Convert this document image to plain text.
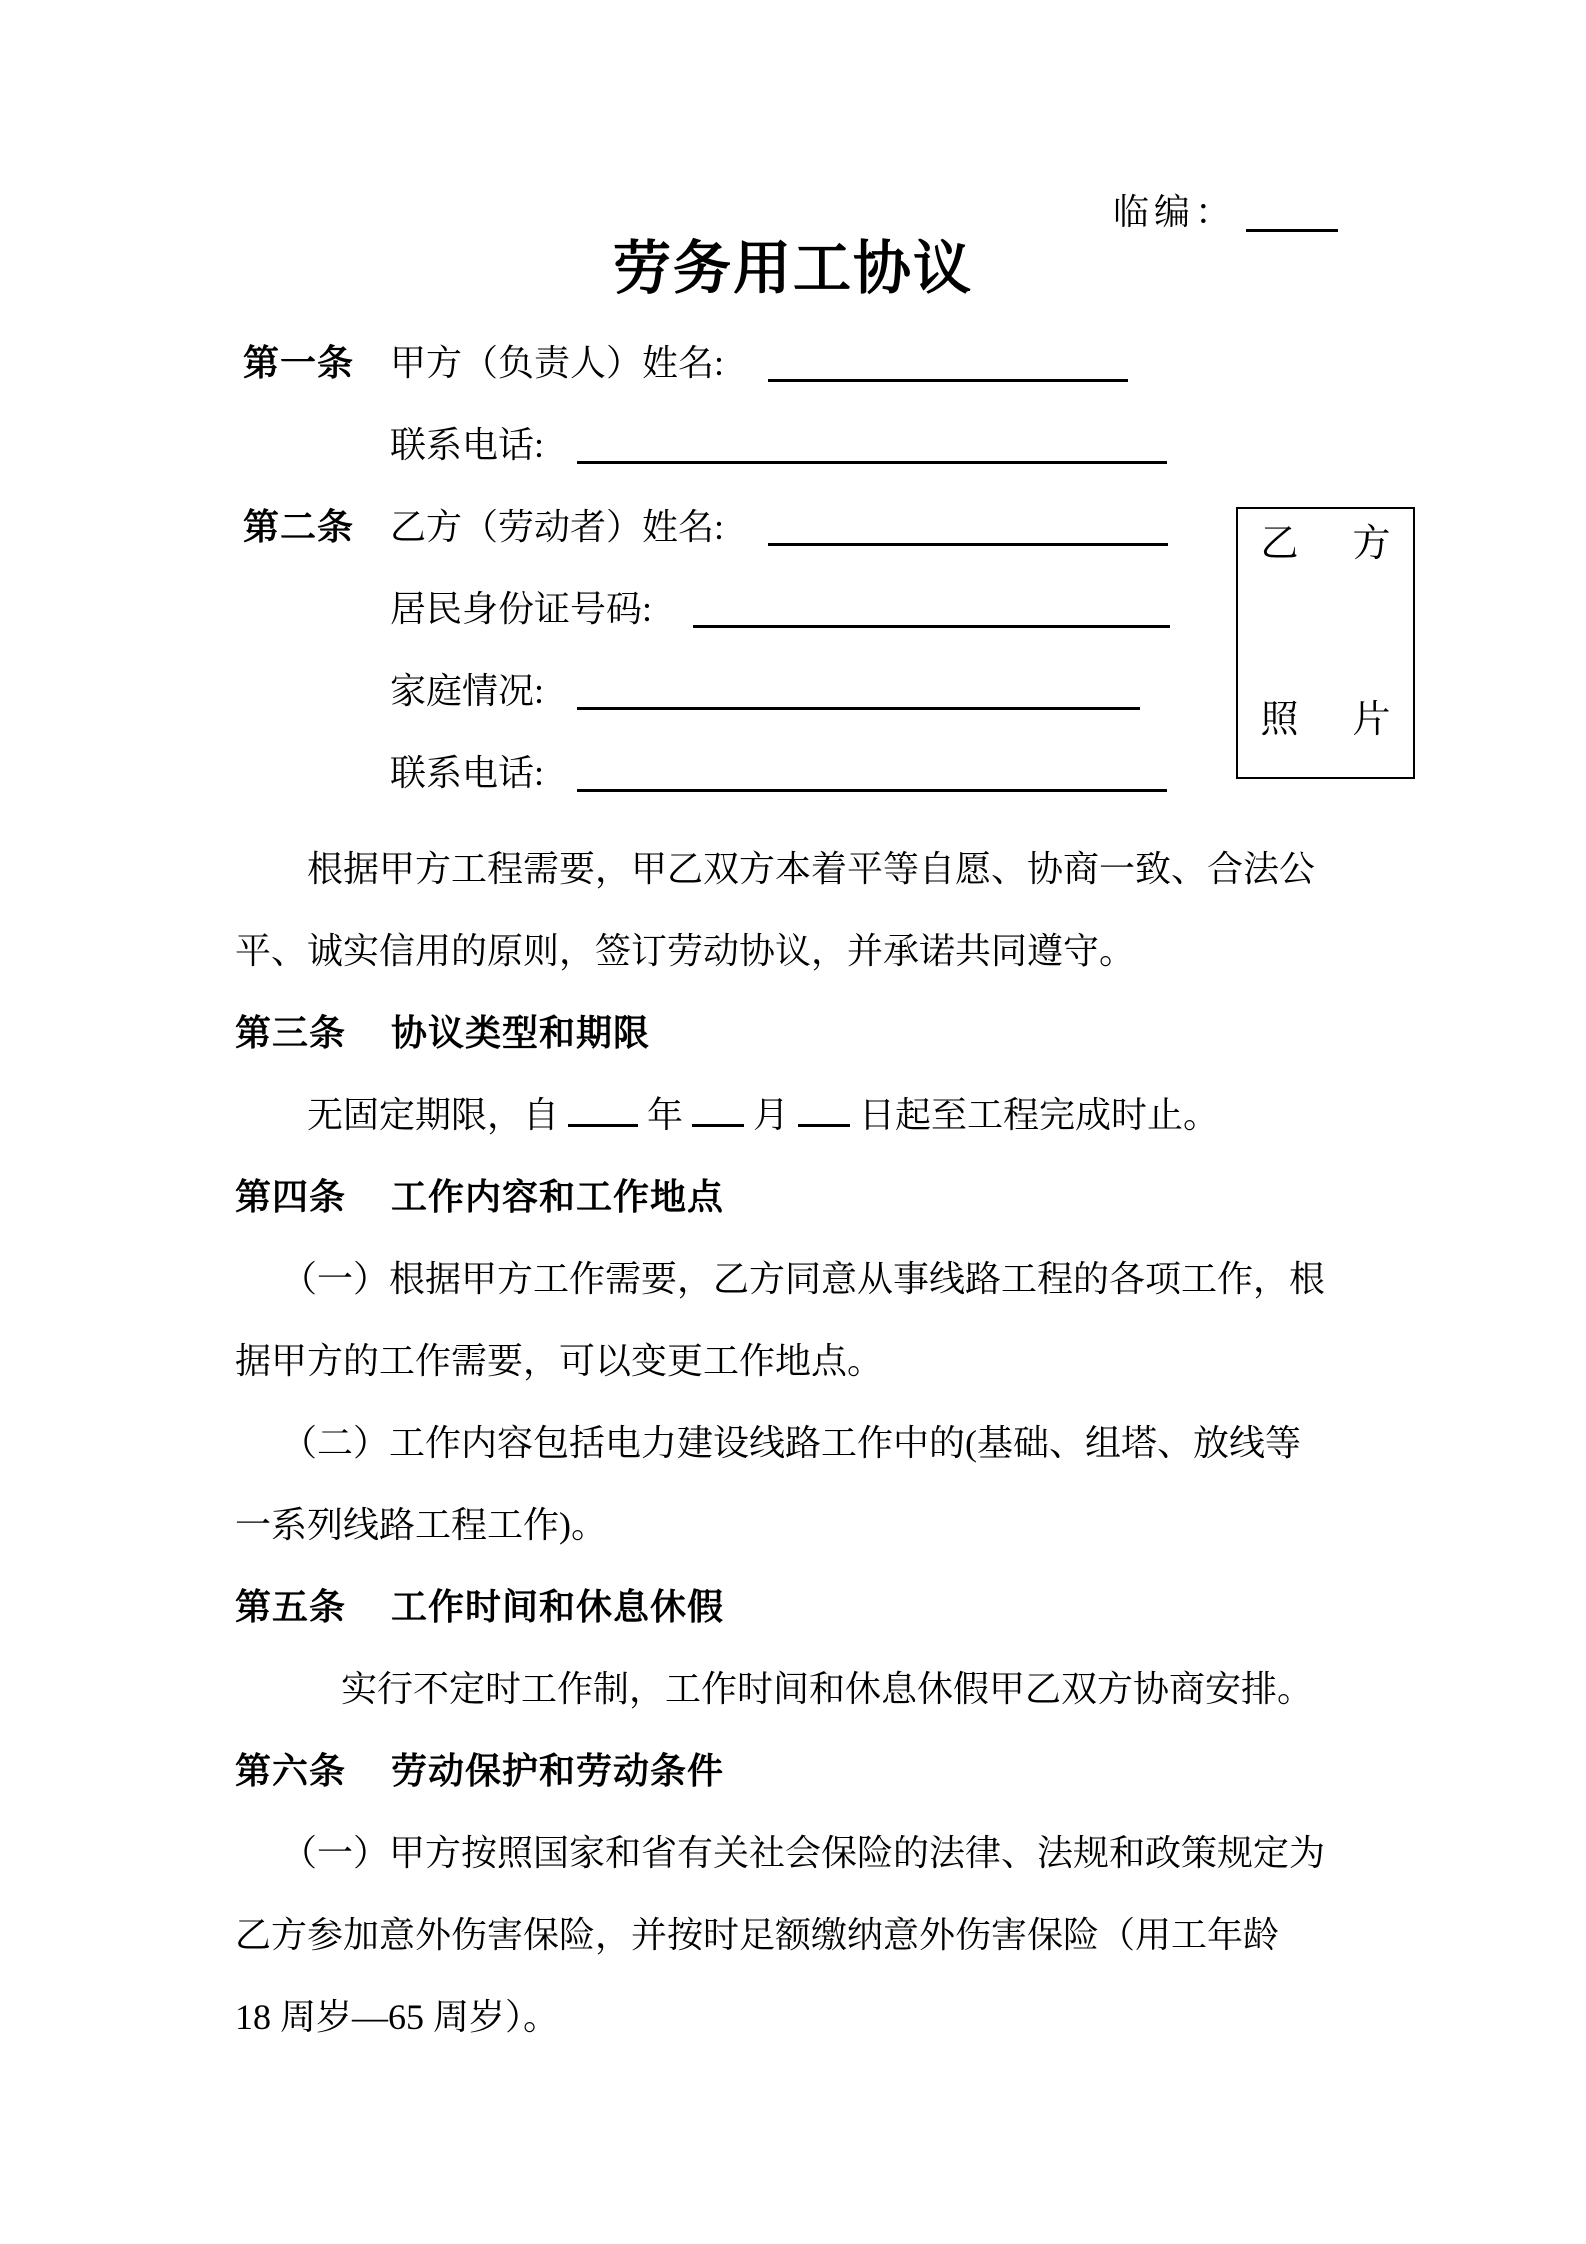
临编：
劳务用工协议
第一条 甲方（负责人）姓名:
联系电话:
第二条 乙方（劳动者）姓名:
居民身份证号码:
家庭情况:
联系电话:
乙 方
照 片
根据甲方工程需要，甲乙双方本着平等自愿、协商一致、合法公
平、诚实信用的原则，签订劳动协议，并承诺共同遵守。
第三条 协议类型和期限
无固定期限，自 年 月 日起至工程完成时止。
第四条 工作内容和工作地点
（一）根据甲方工作需要，乙方同意从事线路工程的各项工作，根
据甲方的工作需要，可以变更工作地点。
（二）工作内容包括电力建设线路工作中的(基础、组塔、放线等
一系列线路工程工作)。
第五条 工作时间和休息休假
实行不定时工作制，工作时间和休息休假甲乙双方协商安排。
第六条 劳动保护和劳动条件
（一）甲方按照国家和省有关社会保险的法律、法规和政策规定为
乙方参加意外伤害保险，并按时足额缴纳意外伤害保险（用工年龄
18 周岁—65 周岁）。
